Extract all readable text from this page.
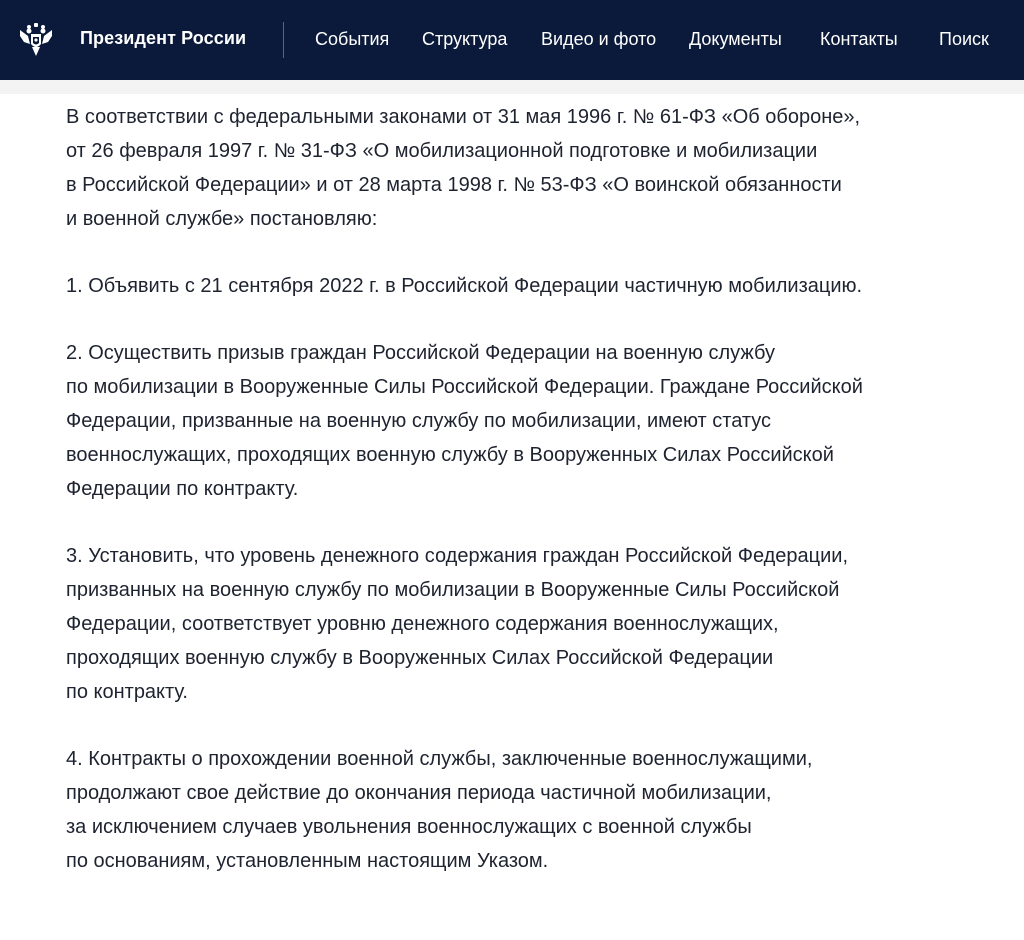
Президент России	События Структура Видео и фото Документы Контакты Поиск

В соответствии с федеральными законами от 31 мая 1996 г. № 61-ФЗ «Об обороне»,
от 26 февраля 1997 г. № 31-ФЗ «О мобилизационной подготовке и мобилизации
в Российской Федерации» и от 28 марта 1998 г. № 53-ФЗ «О воинской обязанности
и военной службе» постановляю:

1. Объявить с 21 сентября 2022 г. в Российской Федерации частичную мобилизацию.

2. Осуществить призыв граждан Российской Федерации на военную службу
по мобилизации в Вооруженные Силы Российской Федерации. Граждане Российской
Федерации, призванные на военную службу по мобилизации, имеют статус
военнослужащих, проходящих военную службу в Вооруженных Силах Российской
Федерации по контракту.

3. Установить, что уровень денежного содержания граждан Российской Федерации,
призванных на военную службу по мобилизации в Вооруженные Силы Российской
Федерации, соответствует уровню денежного содержания военнослужащих,
проходящих военную службу в Вооруженных Силах Российской Федерации
по контракту.

4. Контракты о прохождении военной службы, заключенные военнослужащими,
продолжают свое действие до окончания периода частичной мобилизации,
за исключением случаев увольнения военнослужащих с военной службы
по основаниям, установленным настоящим Указом.
